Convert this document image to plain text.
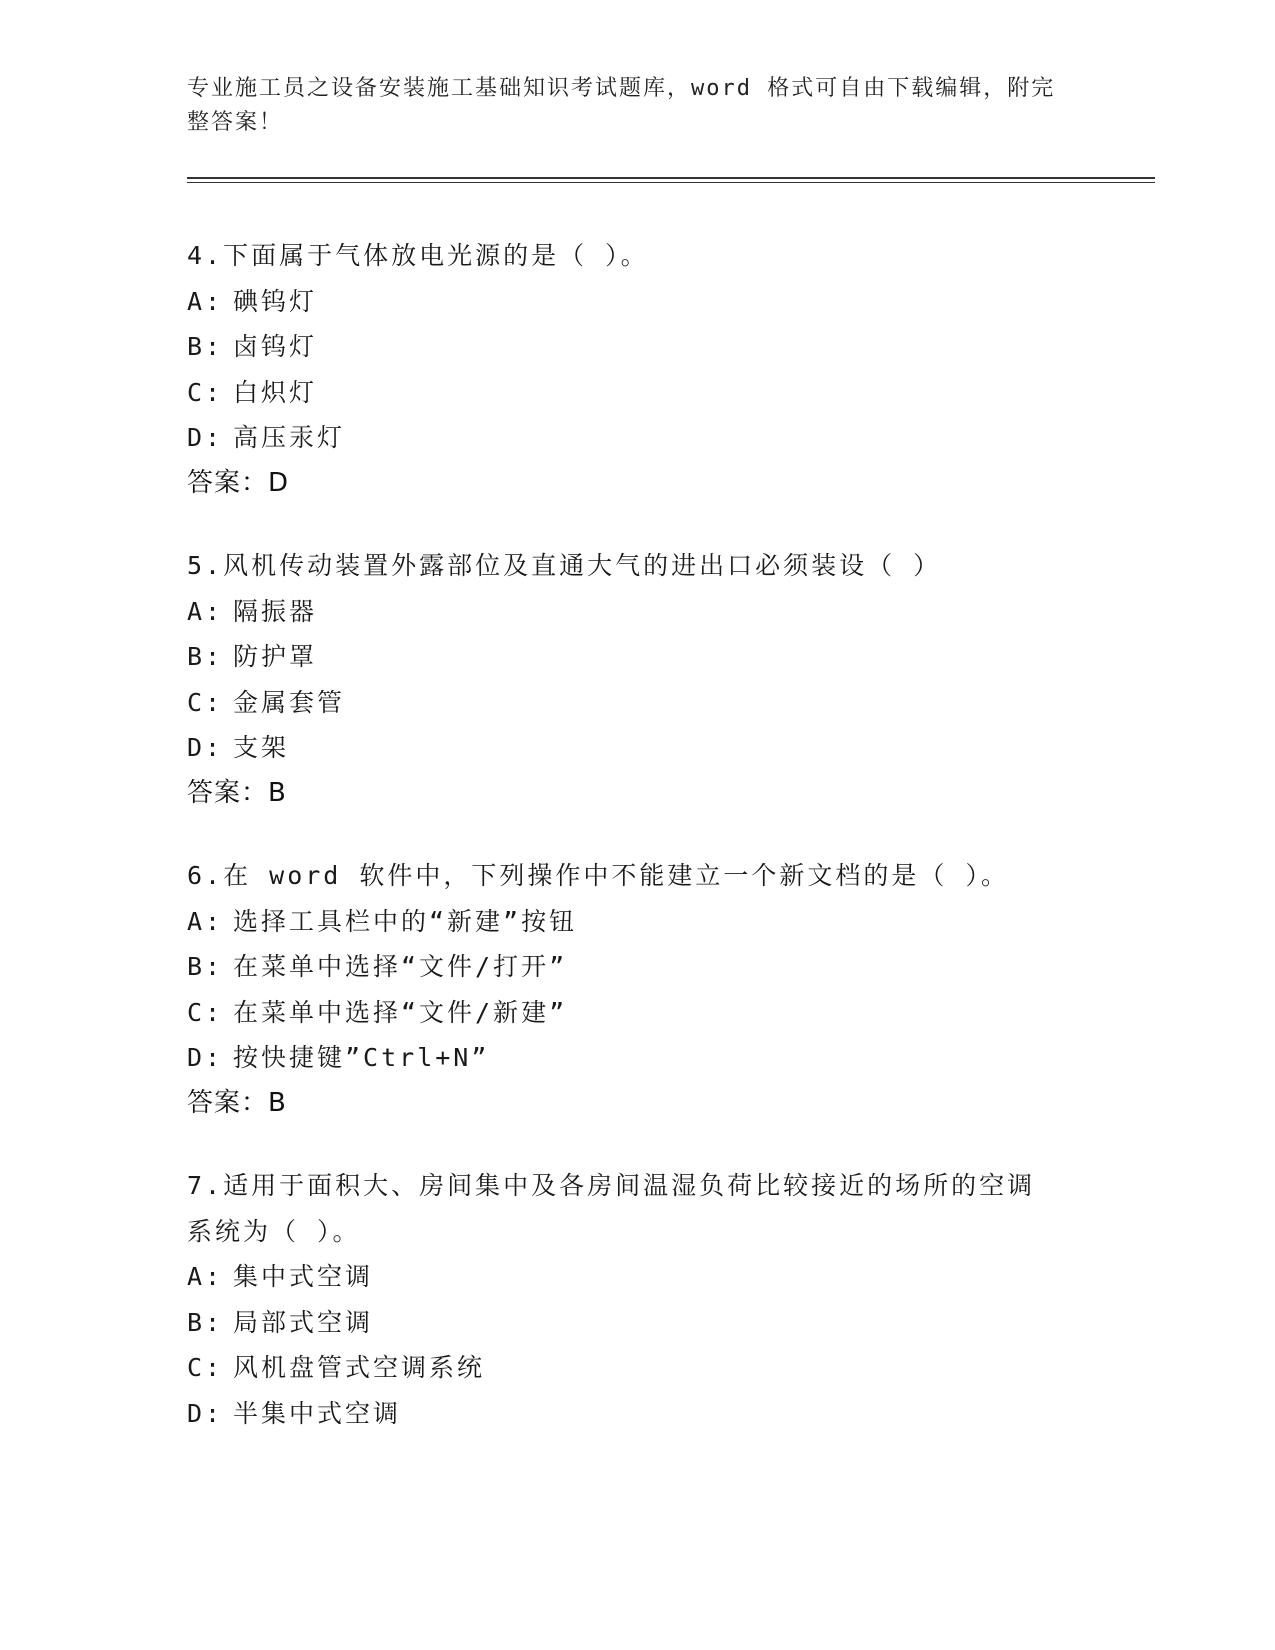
专业施工员之设备安装施工基础知识考试题库，word 格式可自由下载编辑，附完整答案！

4.下面属于气体放电光源的是（ ）。

A: 碘钨灯

B: 卤钨灯

C: 白炽灯

D: 高压汞灯

答案：D

5.风机传动装置外露部位及直通大气的进出口必须装设（ ）

A: 隔振器

B: 防护罩

C: 金属套管

D: 支架

答案：B

6.在 word 软件中，下列操作中不能建立一个新文档的是（ ）。

A: 选择工具栏中的“新建”按钮

B: 在菜单中选择“文件/打开”

C: 在菜单中选择“文件/新建”

D: 按快捷键”Ctrl+N”

答案：B

7.适用于面积大、房间集中及各房间温湿负荷比较接近的场所的空调系统为（ ）。

A: 集中式空调

B: 局部式空调

C: 风机盘管式空调系统

D: 半集中式空调
